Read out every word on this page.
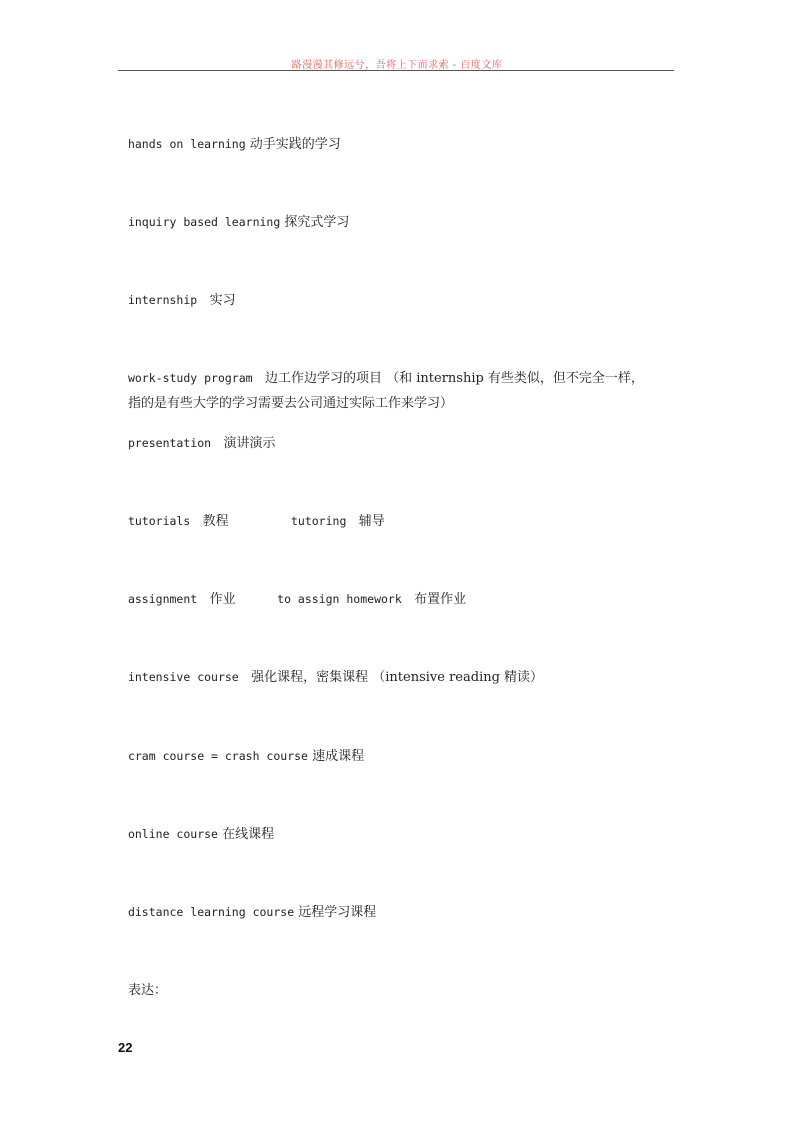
路漫漫其修远兮，吾将上下而求索 - 百度文库

hands on learning 动手实践的学习

inquiry based learning 探究式学习

internship   实习

work-study program   边工作边学习的项目 （和 internship 有些类似，但不完全一样，

指的是有些大学的学习需要去公司通过实际工作来学习）

presentation   演讲演示

tutorials   教程         tutoring   辅导

assignment   作业      to assign homework   布置作业

intensive course   强化课程，密集课程 （intensive reading 精读）

cram course = crash course 速成课程

online course 在线课程

distance learning course 远程学习课程

表达：

22
